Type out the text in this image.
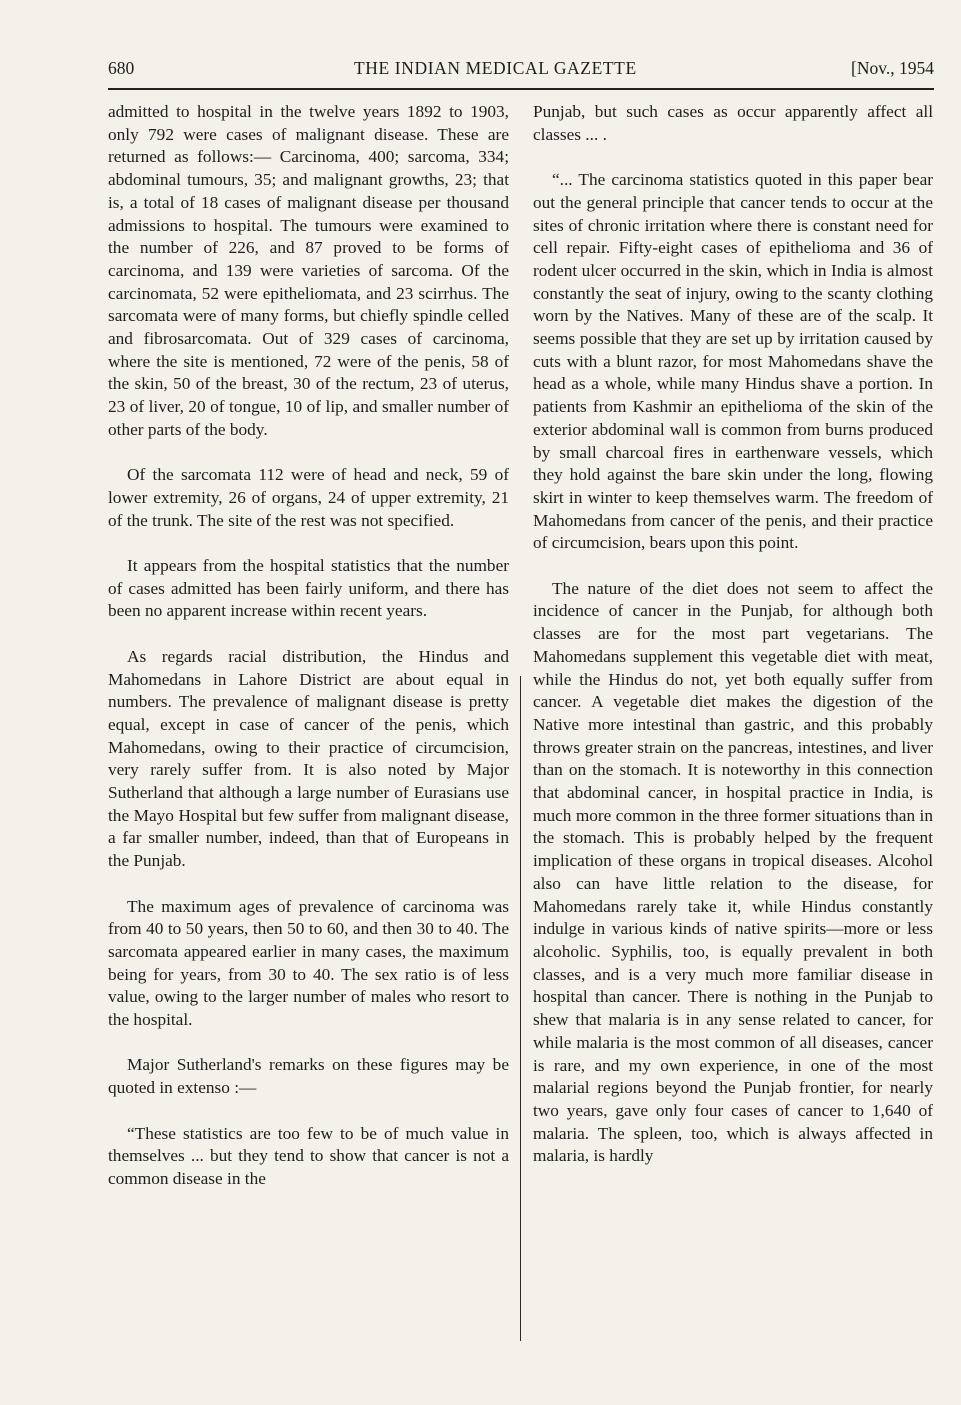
680	THE INDIAN MEDICAL GAZETTE	[Nov., 1954

admitted to hospital in the twelve years 1892 to 1903, only 792 were cases of malignant disease. These are returned as follows:— Carcinoma, 400; sarcoma, 334; abdominal tumours, 35; and malignant growths, 23; that is, a total of 18 cases of malignant disease per thousand admissions to hospital. The tumours were examined to the number of 226, and 87 proved to be forms of carcinoma, and 139 were varieties of sarcoma. Of the carcinomata, 52 were epitheliomata, and 23 scirrhus. The sarcomata were of many forms, but chiefly spindle celled and fibrosarcomata. Out of 329 cases of carcinoma, where the site is mentioned, 72 were of the penis, 58 of the skin, 50 of the breast, 30 of the rectum, 23 of uterus, 23 of liver, 20 of tongue, 10 of lip, and smaller number of other parts of the body.

Of the sarcomata 112 were of head and neck, 59 of lower extremity, 26 of organs, 24 of upper extremity, 21 of the trunk. The site of the rest was not specified.

It appears from the hospital statistics that the number of cases admitted has been fairly uniform, and there has been no apparent increase within recent years.

As regards racial distribution, the Hindus and Mahomedans in Lahore District are about equal in numbers. The prevalence of malignant disease is pretty equal, except in case of cancer of the penis, which Mahomedans, owing to their practice of circumcision, very rarely suffer from. It is also noted by Major Sutherland that although a large number of Eurasians use the Mayo Hospital but few suffer from malignant disease, a far smaller number, indeed, than that of Europeans in the Punjab.

The maximum ages of prevalence of carcinoma was from 40 to 50 years, then 50 to 60, and then 30 to 40. The sarcomata appeared earlier in many cases, the maximum being for years, from 30 to 40. The sex ratio is of less value, owing to the larger number of males who resort to the hospital.

Major Sutherland's remarks on these figures may be quoted in extenso :—

“These statistics are too few to be of much value in themselves ... but they tend to show that cancer is not a common disease in the

Punjab, but such cases as occur apparently affect all classes ... .

“... The carcinoma statistics quoted in this paper bear out the general principle that cancer tends to occur at the sites of chronic irritation where there is constant need for cell repair. Fifty-eight cases of epithelioma and 36 of rodent ulcer occurred in the skin, which in India is almost constantly the seat of injury, owing to the scanty clothing worn by the Natives. Many of these are of the scalp. It seems possible that they are set up by irritation caused by cuts with a blunt razor, for most Mahomedans shave the head as a whole, while many Hindus shave a portion. In patients from Kashmir an epithelioma of the skin of the exterior abdominal wall is common from burns produced by small charcoal fires in earthenware vessels, which they hold against the bare skin under the long, flowing skirt in winter to keep themselves warm. The freedom of Mahomedans from cancer of the penis, and their practice of circumcision, bears upon this point.

The nature of the diet does not seem to affect the incidence of cancer in the Punjab, for although both classes are for the most part vegetarians. The Mahomedans supplement this vegetable diet with meat, while the Hindus do not, yet both equally suffer from cancer. A vegetable diet makes the digestion of the Native more intestinal than gastric, and this probably throws greater strain on the pancreas, intestines, and liver than on the stomach. It is noteworthy in this connection that abdominal cancer, in hospital practice in India, is much more common in the three former situations than in the stomach. This is probably helped by the frequent implication of these organs in tropical diseases. Alcohol also can have little relation to the disease, for Mahomedans rarely take it, while Hindus constantly indulge in various kinds of native spirits—more or less alcoholic. Syphilis, too, is equally prevalent in both classes, and is a very much more familiar disease in hospital than cancer. There is nothing in the Punjab to shew that malaria is in any sense related to cancer, for while malaria is the most common of all diseases, cancer is rare, and my own experience, in one of the most malarial regions beyond the Punjab frontier, for nearly two years, gave only four cases of cancer to 1,640 of malaria. The spleen, too, which is always affected in malaria, is hardly
